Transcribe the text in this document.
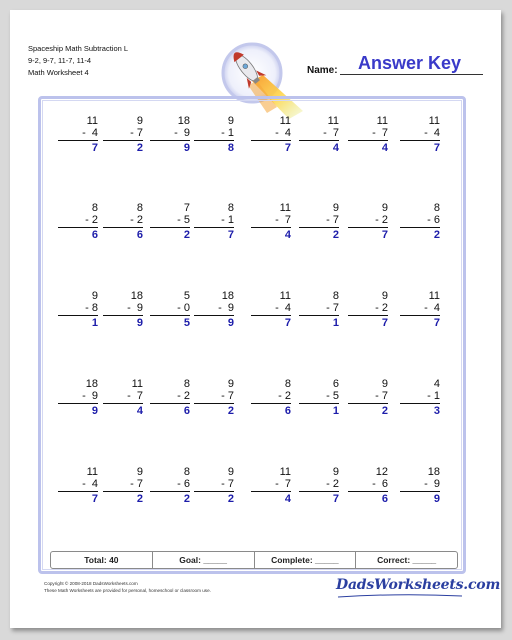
Spaceship Math Subtraction L
9-2, 9-7, 11-7, 11-4
Math Worksheet 4	Name: Answer Key
11
-  4
7
9
- 7
2
18
-  9
9
9
- 1
8
11
-  4
7
11
-  7
4
11
-  7
4
11
-  4
7
8
- 2
6
8
- 2
6
7
- 5
2
8
- 1
7
11
-  7
4
9
- 7
2
9
- 2
7
8
- 6
2
9
- 8
1
18
-  9
9
5
- 0
5
18
-  9
9
11
-  4
7
8
- 7
1
9
- 2
7
11
-  4
7
18
-  9
9
11
-  7
4
8
- 2
6
9
- 7
2
8
- 2
6
6
- 5
1
9
- 7
2
4
- 1
3
11
-  4
7
9
- 7
2
8
- 6
2
9
- 7
2
11
-  7
4
9
- 2
7
12
-  6
6
18
-  9
9
Total: 40	Goal: _____	Complete: _____	Correct: _____
Copyright © 2008-2018 DadsWorksheets.com
These Math Worksheets are provided for personal, homeschool or classroom use.	DadsWorksheets.com
